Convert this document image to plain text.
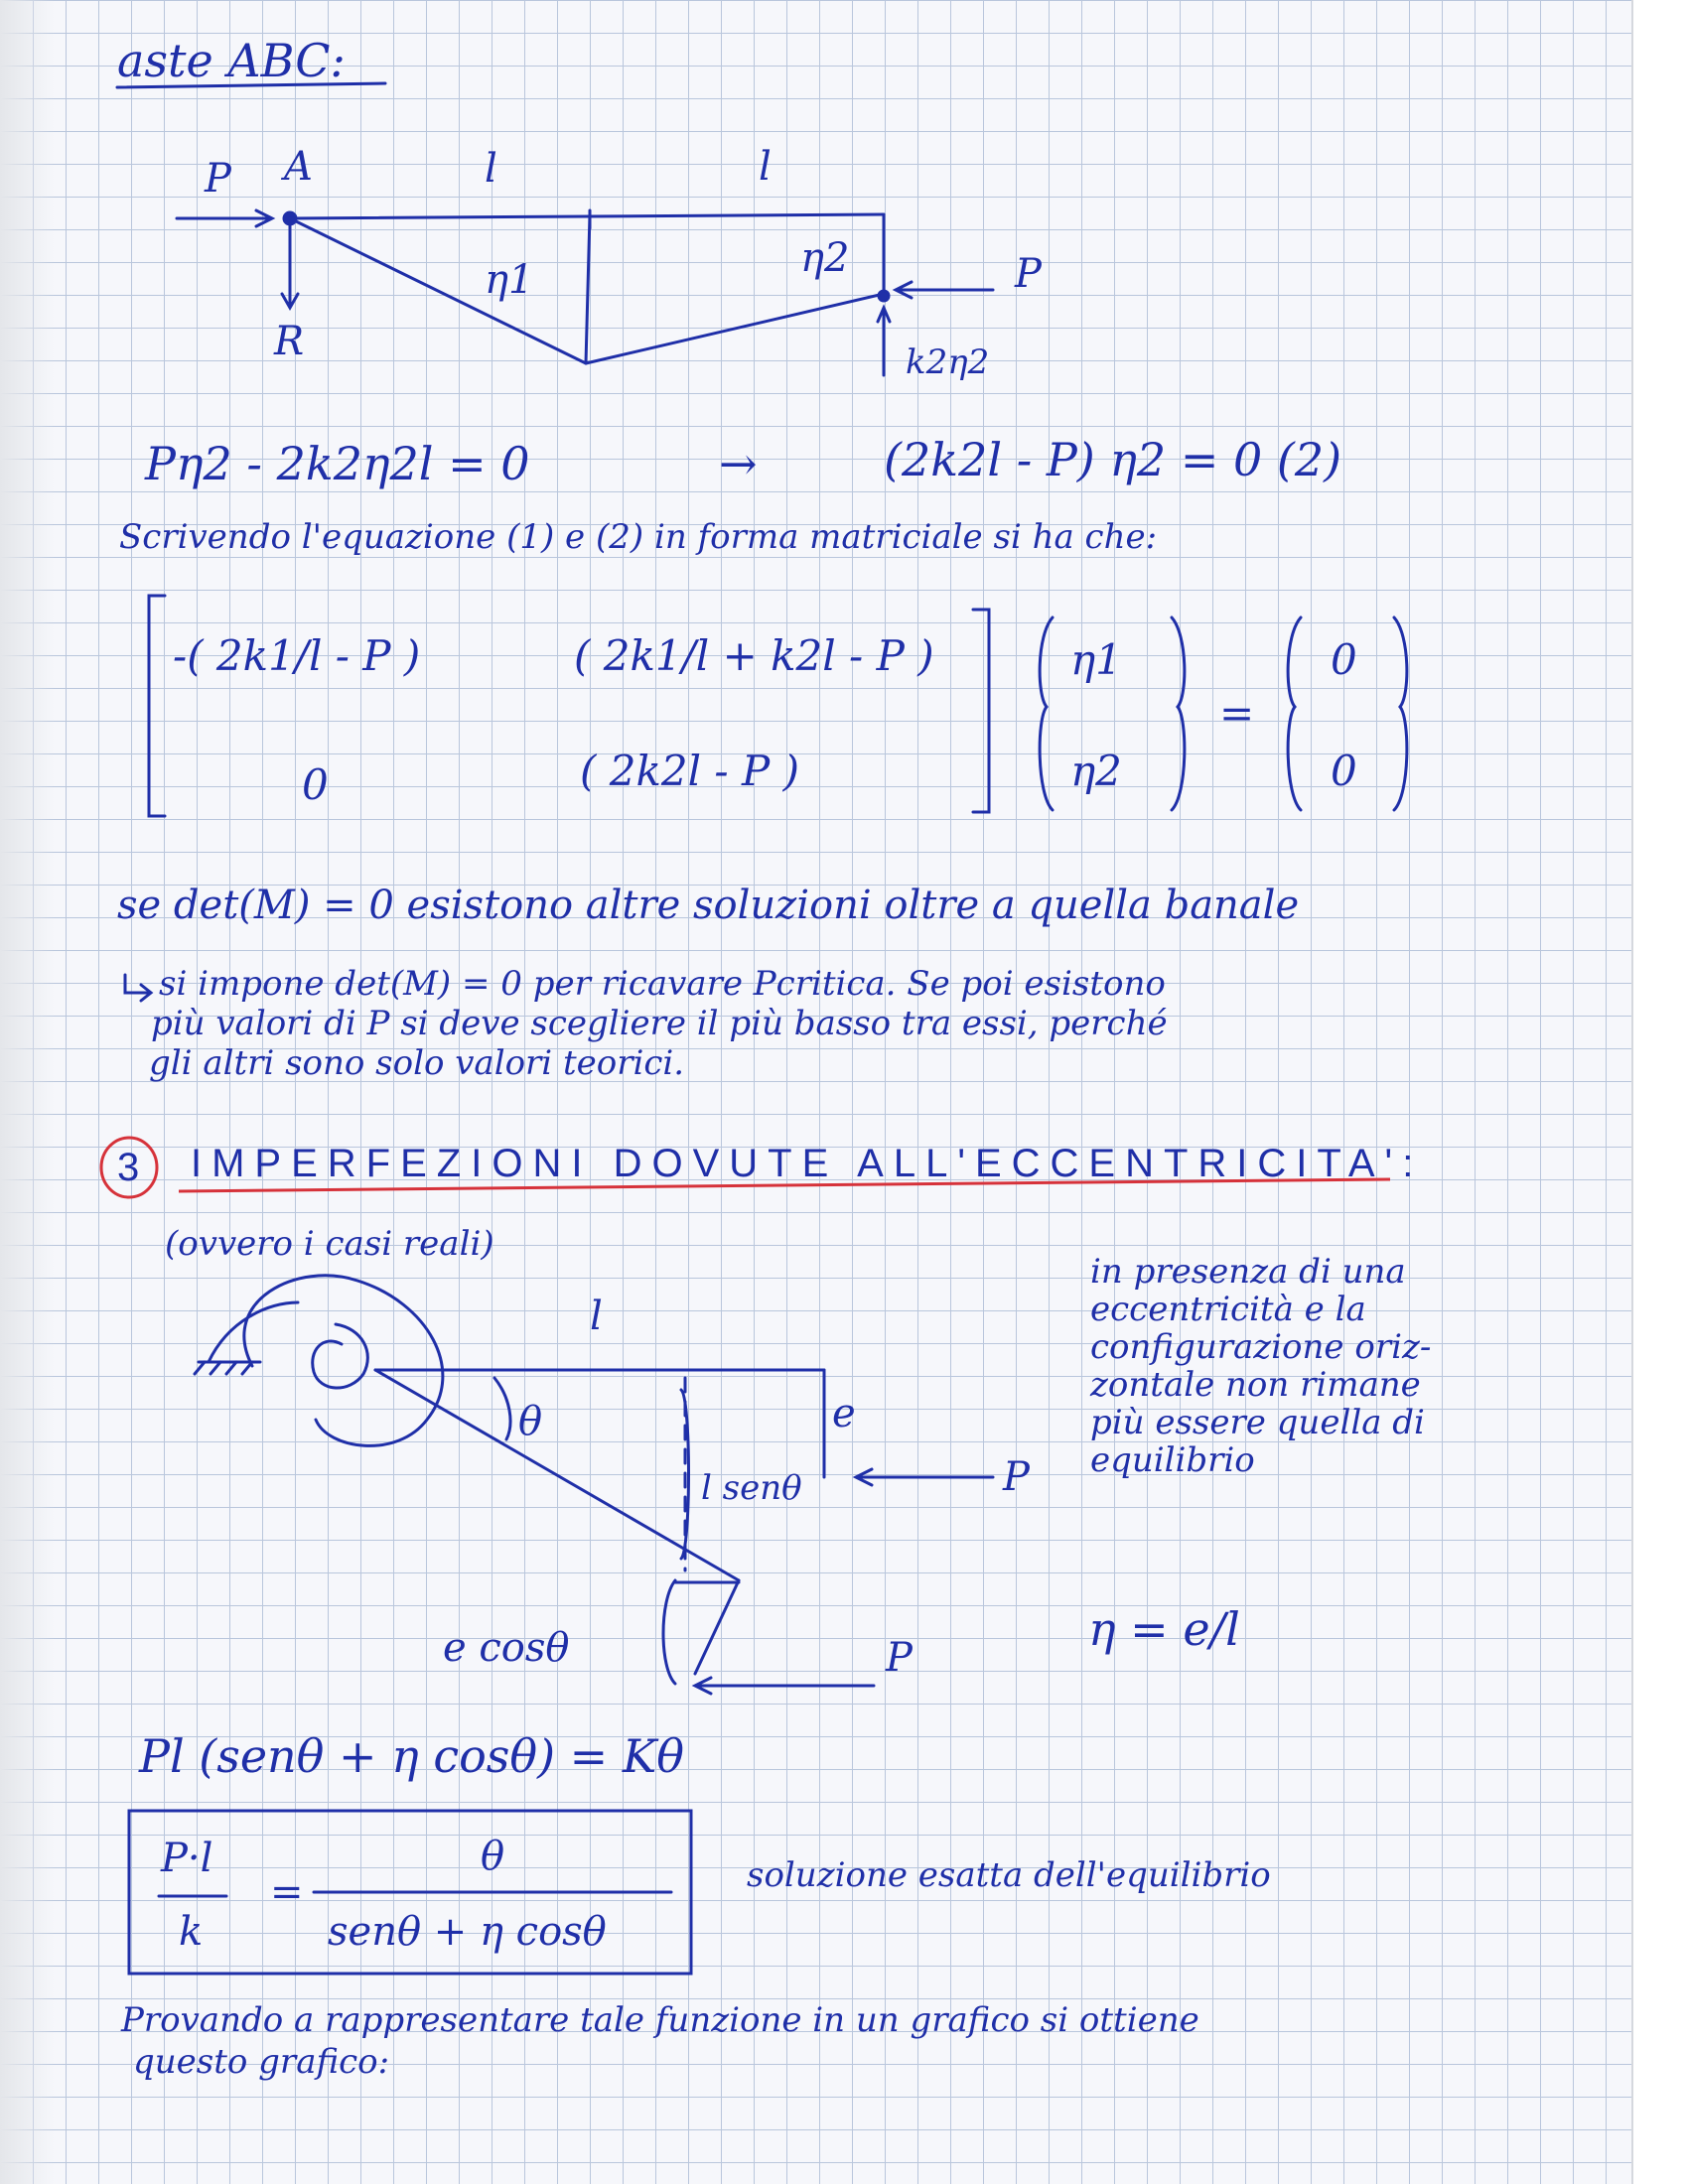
aste ABC:
P A	l	l
η1	η2
R
P
k2η2
Pη2 - 2k2η2l = 0	→	(2k2l - P) η2 = 0 (2)
Scrivendo l'equazione (1) e (2) in forma matriciale si ha che:
-( 2k1/l - P )	( 2k1/l + k2l - P )
0	( 2k2l - P )
η1
η2
=
0
0
se det(M) = 0 esistono altre soluzioni oltre a quella banale
si impone det(M) = 0 per ricavare Pcritica. Se poi esistono
più valori di P si deve scegliere il più basso tra essi, perché
gli altri sono solo valori teorici.
3 IMPERFEZIONI DOVUTE ALL'ECCENTRICITA':
(ovvero i casi reali)
l
θ	e
l senθ	P
e cosθ	P
in presenza di una
eccentricità e la
configurazione oriz-
zontale non rimane
più essere quella di
equilibrio
η = e/l
Pl (senθ + η cosθ) = Kθ
P·l
k
=
θ
senθ + η cosθ
soluzione esatta dell'equilibrio
Provando a rappresentare tale funzione in un grafico si ottiene
questo grafico:
